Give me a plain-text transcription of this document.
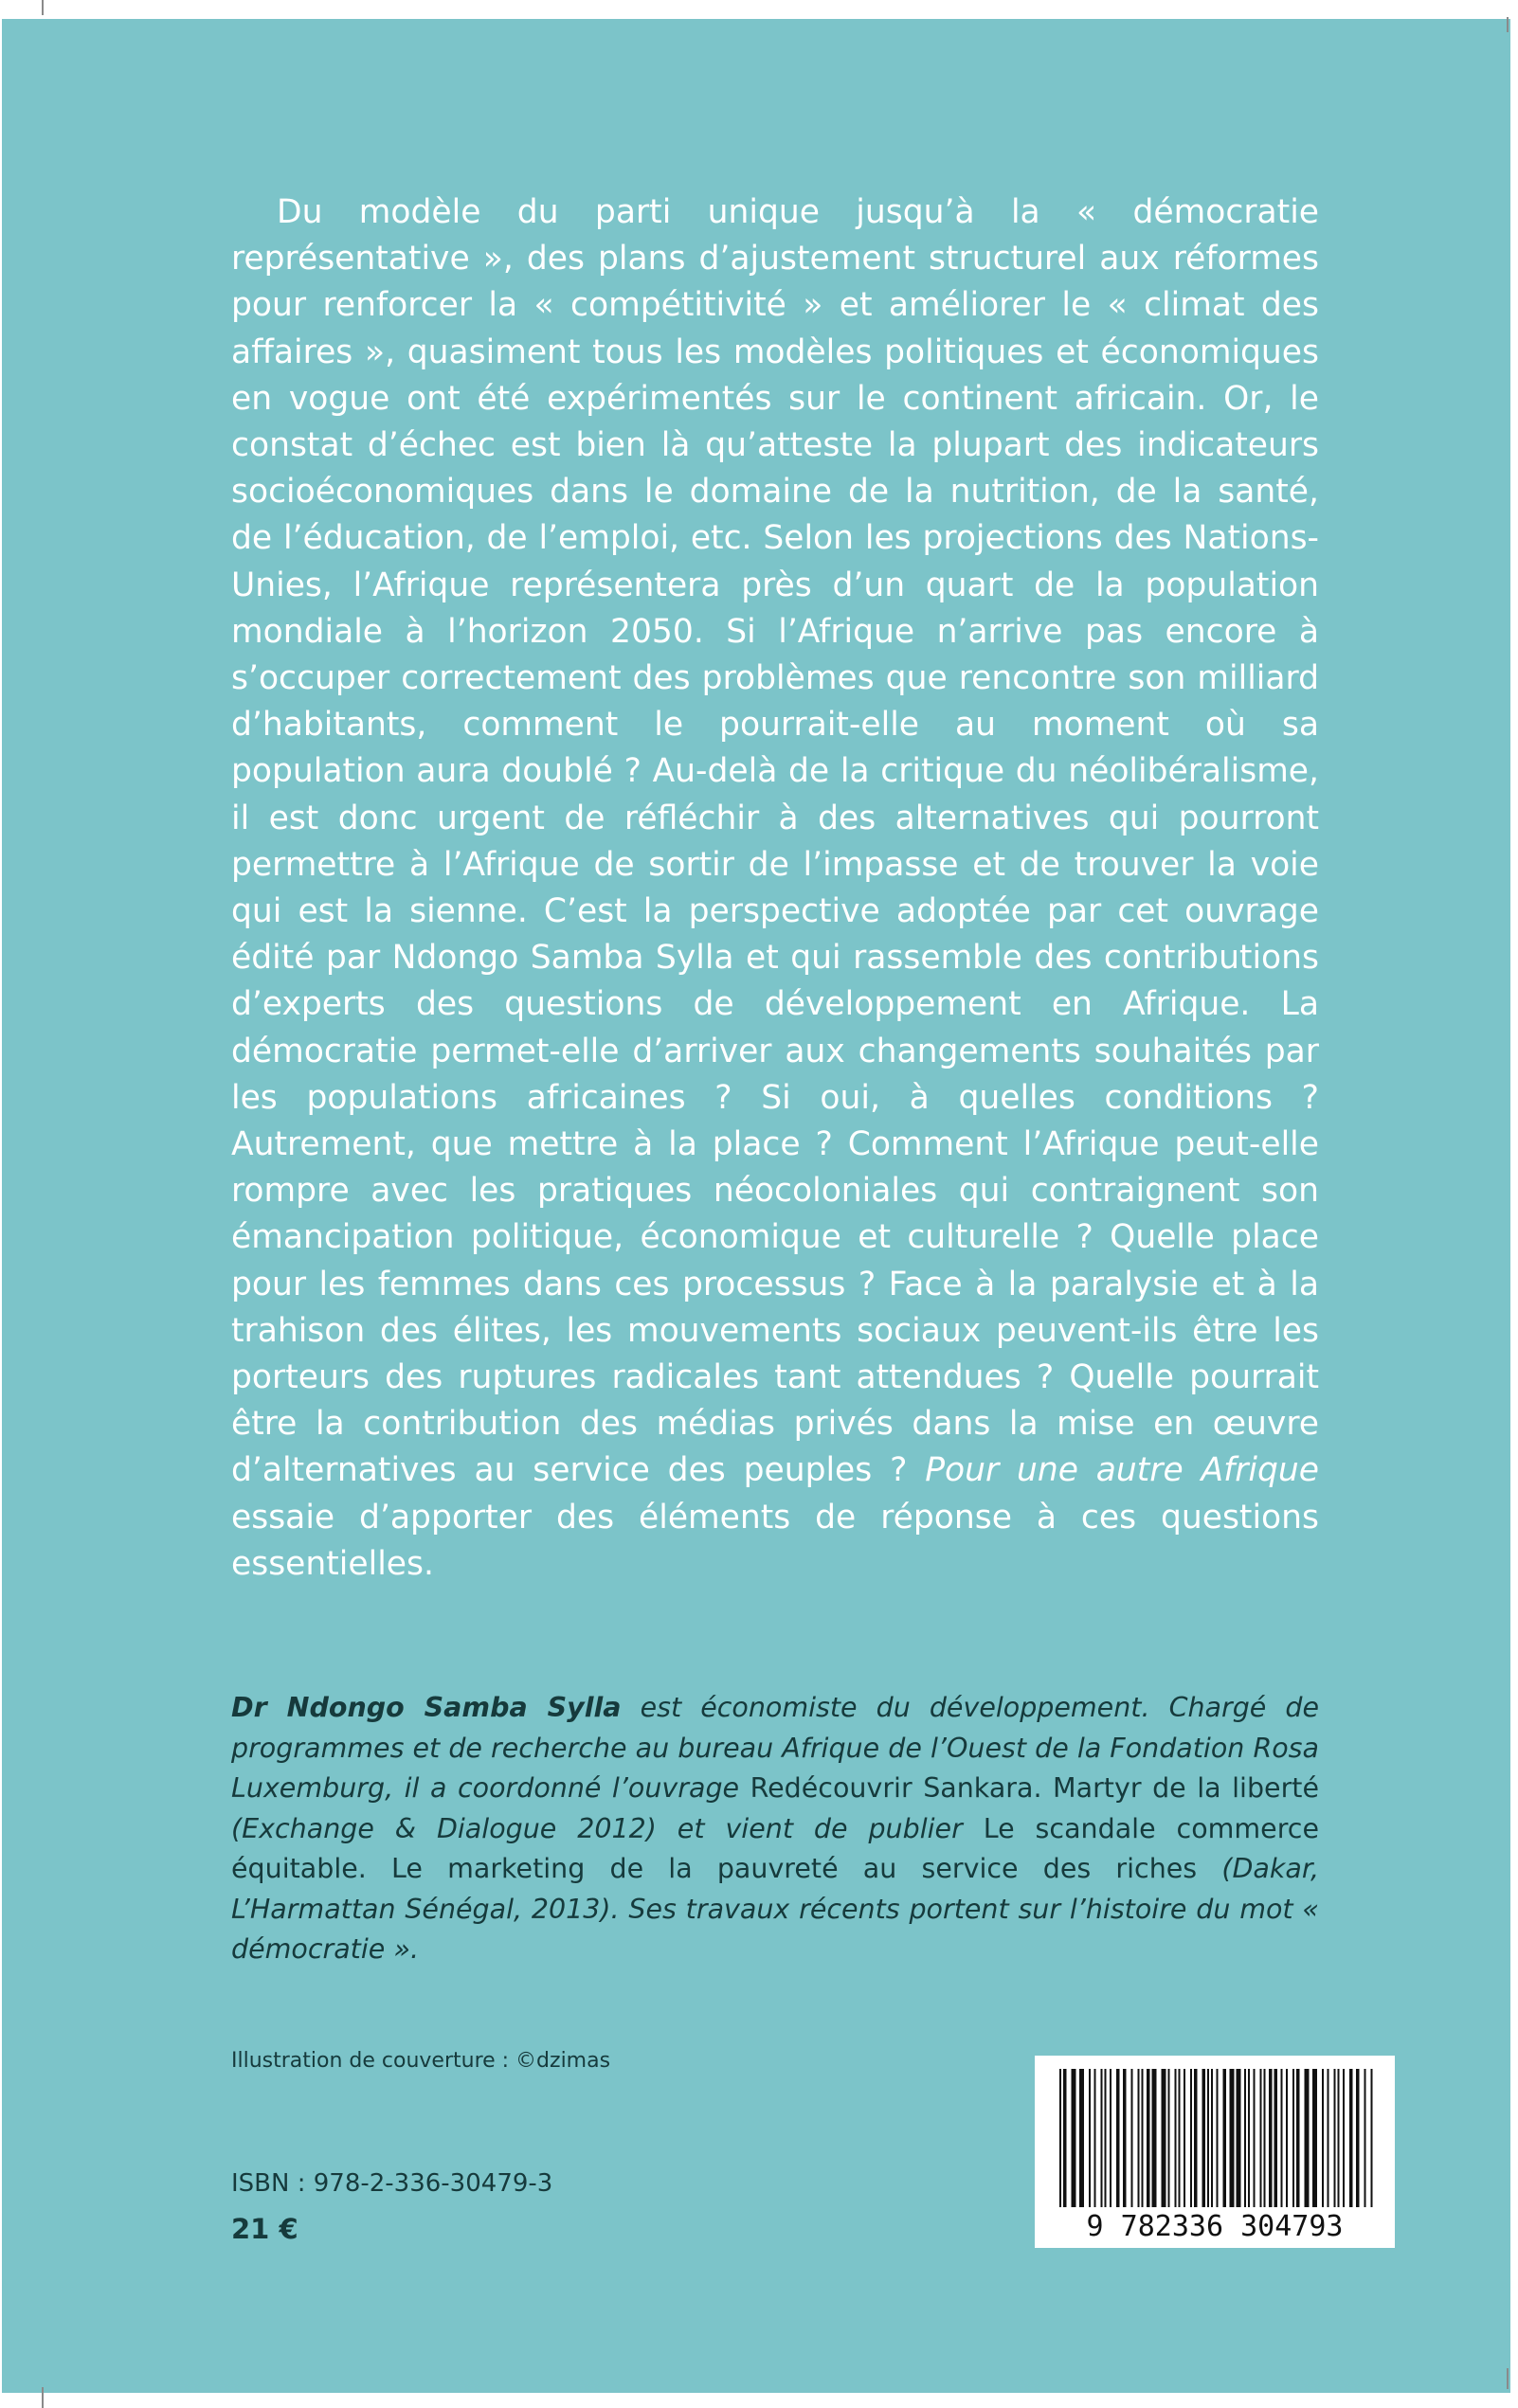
Du modèle du parti unique jusqu’à la « démocratie représentative », des plans d’ajustement structurel aux réformes pour renforcer la « compétitivité » et améliorer le « climat des affaires », quasiment tous les modèles politiques et économiques en vogue ont été expérimentés sur le continent africain. Or, le constat d’échec est bien là qu’atteste la plupart des indicateurs socioéconomiques dans le domaine de la nutrition, de la santé, de l’éducation, de l’emploi, etc. Selon les projections des Nations-Unies, l’Afrique représentera près d’un quart de la population mondiale à l’horizon 2050. Si l’Afrique n’arrive pas encore à s’occuper correctement des problèmes que rencontre son milliard d’habitants, comment le pourrait-elle au moment où sa population aura doublé ? Au-delà de la critique du néolibéralisme, il est donc urgent de réfléchir à des alternatives qui pourront permettre à l’Afrique de sortir de l’impasse et de trouver la voie qui est la sienne. C’est la perspective adoptée par cet ouvrage édité par Ndongo Samba Sylla et qui rassemble des contributions d’experts des questions de développement en Afrique. La démocratie permet-elle d’arriver aux changements souhaités par les populations africaines ? Si oui, à quelles conditions ? Autrement, que mettre à la place ? Comment l’Afrique peut-elle rompre avec les pratiques néocoloniales qui contraignent son émancipation politique, économique et culturelle ? Quelle place pour les femmes dans ces processus ? Face à la paralysie et à la trahison des élites, les mouvements sociaux peuvent-ils être les porteurs des ruptures radicales tant attendues ? Quelle pourrait être la contribution des médias privés dans la mise en œuvre d’alternatives au service des peuples ? Pour une autre Afrique essaie d’apporter des éléments de réponse à ces questions essentielles.

Dr Ndongo Samba Sylla est économiste du développement. Chargé de programmes et de recherche au bureau Afrique de l’Ouest de la Fondation Rosa Luxemburg, il a coordonné l’ouvrage Redécouvrir Sankara. Martyr de la liberté (Exchange & Dialogue 2012) et vient de publier Le scandale commerce équitable. Le marketing de la pauvreté au service des riches (Dakar, L’Harmattan Sénégal, 2013). Ses travaux récents portent sur l’histoire du mot « démocratie ».

Illustration de couverture : ©dzimas
ISBN : 978-2-336-30479-3
21 €	9 782336 304793
